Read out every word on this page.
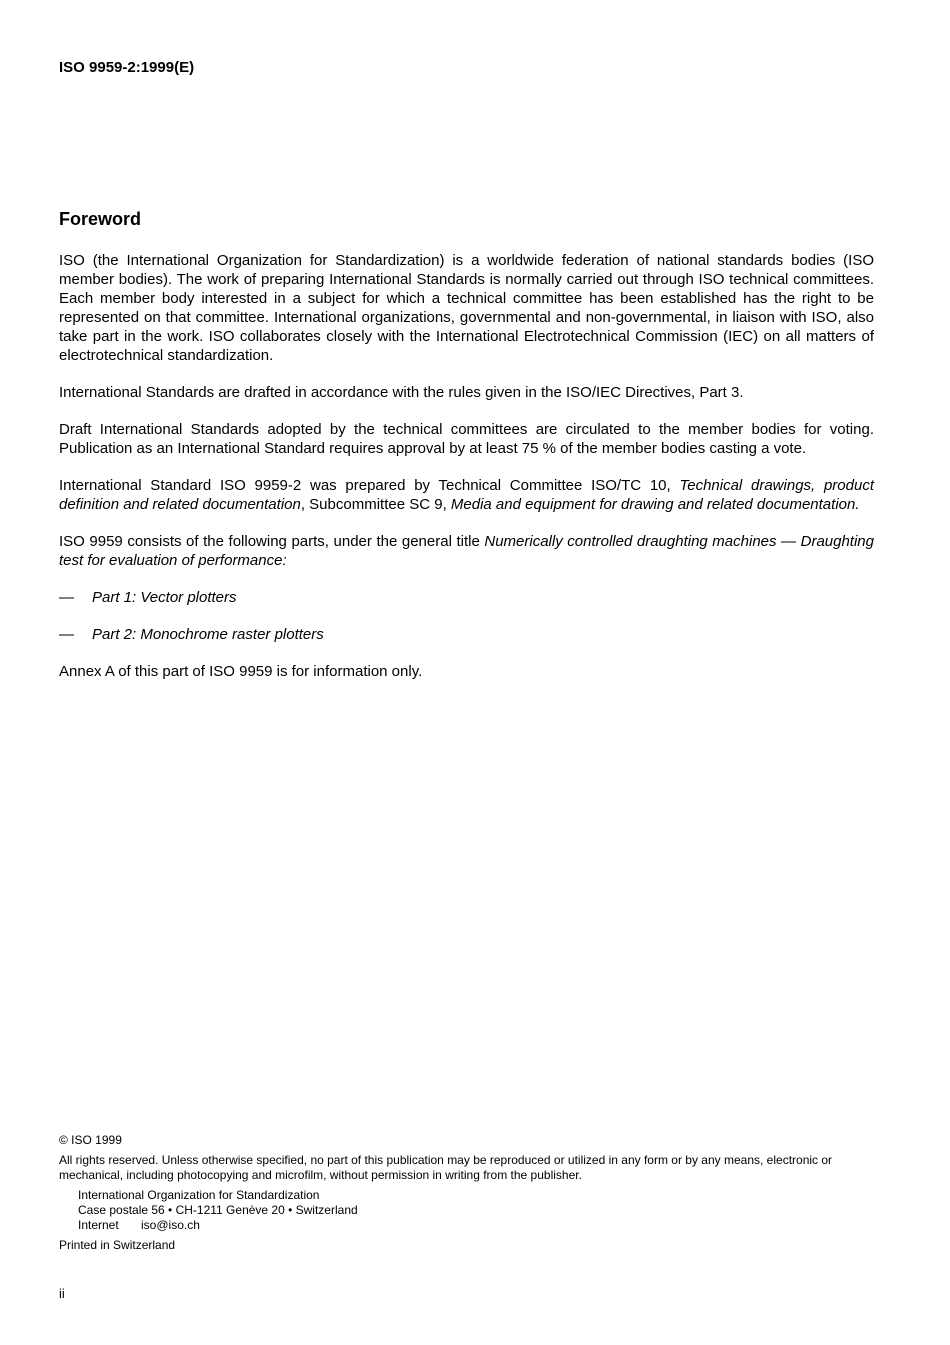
ISO 9959-2:1999(E)
Foreword

ISO (the International Organization for Standardization) is a worldwide federation of national standards bodies (ISO member bodies). The work of preparing International Standards is normally carried out through ISO technical committees. Each member body interested in a subject for which a technical committee has been established has the right to be represented on that committee. International organizations, governmental and non-governmental, in liaison with ISO, also take part in the work. ISO collaborates closely with the International Electrotechnical Commission (IEC) on all matters of electrotechnical standardization.

International Standards are drafted in accordance with the rules given in the ISO/IEC Directives, Part 3.

Draft International Standards adopted by the technical committees are circulated to the member bodies for voting. Publication as an International Standard requires approval by at least 75 % of the member bodies casting a vote.

International Standard ISO 9959-2 was prepared by Technical Committee ISO/TC 10, Technical drawings, product definition and related documentation, Subcommittee SC 9, Media and equipment for drawing and related documentation.

ISO 9959 consists of the following parts, under the general title Numerically controlled draughting machines — Draughting test for evaluation of performance:

— Part 1: Vector plotters
— Part 2: Monochrome raster plotters

Annex A of this part of ISO 9959 is for information only.

© ISO 1999
All rights reserved. Unless otherwise specified, no part of this publication may be reproduced or utilized in any form or by any means, electronic or mechanical, including photocopying and microfilm, without permission in writing from the publisher.
International Organization for Standardization
Case postale 56 • CH-1211 Genève 20 • Switzerland
Internet iso@iso.ch
Printed in Switzerland
ii
